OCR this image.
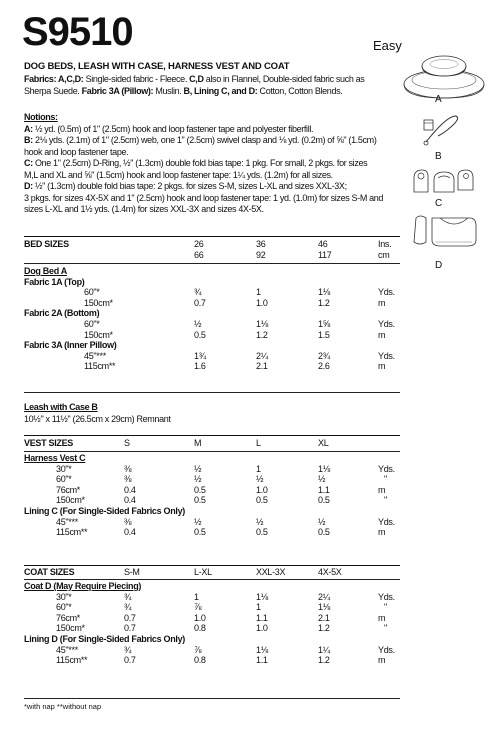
S9510	Easy
DOG BEDS, LEASH WITH CASE, HARNESS VEST AND COAT
Fabrics: A,C,D: Single-sided fabric - Fleece. C,D also in Flannel, Double-sided fabric such as
Sherpa Suede. Fabric 3A (Pillow): Muslin. B, Lining C, and D: Cotton, Cotton Blends.
Notions:
A: ½ yd. (0.5m) of 1" (2.5cm) hook and loop fastener tape and polyester fiberfill.
B: 2⅛ yds. (2.1m) of 1" (2.5cm) web, one 1" (2.5cm) swivel clasp and ⅛ yd. (0.2m) of ⅝" (1.5cm)
hook and loop fastener tape.
C: One 1" (2.5cm) D-Ring, ½" (1.3cm) double fold bias tape: 1 pkg. For small, 2 pkgs. for sizes
M,L and XL and ⅝" (1.5cm) hook and loop fastener tape: 1¼ yds. (1.2m) for all sizes.
D: ½" (1.3cm) double fold bias tape: 2 pkgs. for sizes S-M, sizes L-XL and sizes XXL-3X;
3 pkgs. for sizes 4X-5X and 1" (2.5cm) hook and loop fastener tape: 1 yd. (1.0m) for sizes S-M and
sizes L-XL and 1½ yds. (1.4m) for sizes XXL-3X and sizes 4X-5X.
BED SIZES	26	36	46	Ins.
	66	92	117	cm
Dog Bed A				
Fabric 1A (Top)				
60"*	¾	1	1⅛	Yds.
150cm*	0.7	1.0	1.2	m
Fabric 2A (Bottom)				
60"*	½	1⅛	1⅝	Yds.
150cm*	0.5	1.2	1.5	m
Fabric 3A (Inner Pillow)				
45"***	1¾	2¼	2¾	Yds.
115cm**	1.6	2.1	2.6	m
Leash with Case B
10½" x 11½" (26.5cm x 29cm) Remnant
VEST SIZES	S	M	L	XL	
Harness Vest C					
30"*	⅜	½	1	1⅛	Yds.
60"*	⅜	½	½	½	"
76cm*	0.4	0.5	1.0	1.1	m
150cm*	0.4	0.5	0.5	0.5	"
Lining C (For Single-Sided Fabrics Only)					
45"***	⅜	½	½	½	Yds.
115cm**	0.4	0.5	0.5	0.5	m
COAT SIZES	S-M	L-XL	XXL-3X	4X-5X	
Coat D (May Require Piecing)					
30"*	¾	1	1⅛	2¼	Yds.
60"*	¾	⅞	1	1⅛	"
76cm*	0.7	1.0	1.1	2.1	m
150cm*	0.7	0.8	1.0	1.2	"
Lining D (For Single-Sided Fabrics Only)					
45"***	¾	⅞	1⅛	1¼	Yds.
115cm**	0.7	0.8	1.1	1.2	m
*with nap **without nap
A
B
C
D
